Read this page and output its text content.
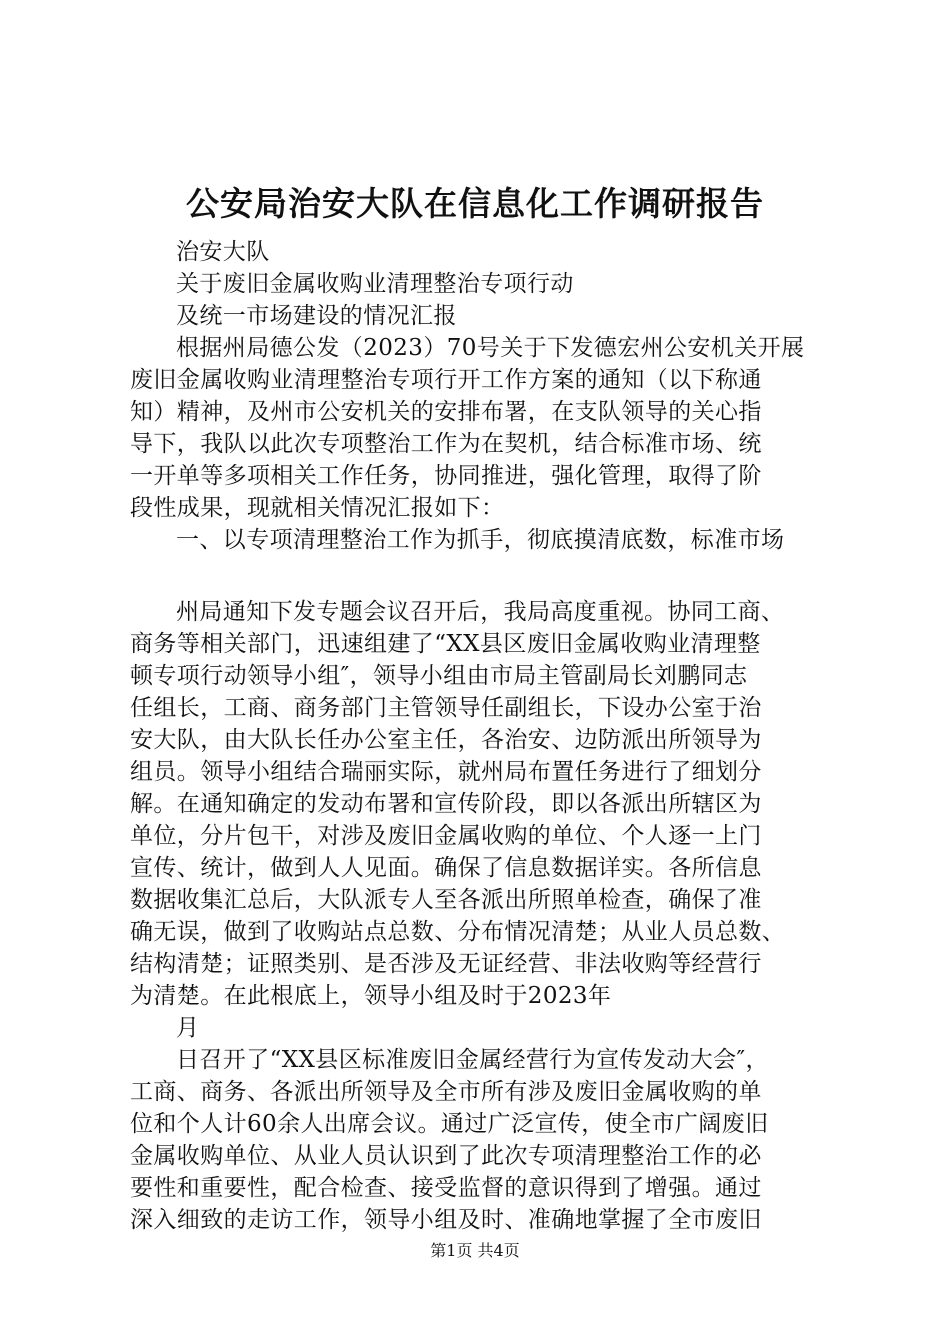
公安局治安大队在信息化工作调研报告
治安大队
关于废旧金属收购业清理整治专项行动
及统一市场建设的情况汇报
根据州局德公发（2023）70号关于下发德宏州公安机关开展
废旧金属收购业清理整治专项行开工作方案的通知（以下称通
知）精神，及州市公安机关的安排布署，在支队领导的关心指
导下，我队以此次专项整治工作为在契机，结合标准市场、统
一开单等多项相关工作任务，协同推进，强化管理，取得了阶
段性成果，现就相关情况汇报如下：
一、以专项清理整治工作为抓手，彻底摸清底数，标准市场
州局通知下发专题会议召开后，我局高度重视。协同工商、
商务等相关部门，迅速组建了“XX县区废旧金属收购业清理整
顿专项行动领导小组″，领导小组由市局主管副局长刘鹏同志
任组长，工商、商务部门主管领导任副组长，下设办公室于治
安大队，由大队长任办公室主任，各治安、边防派出所领导为
组员。领导小组结合瑞丽实际，就州局布置任务进行了细划分
解。在通知确定的发动布署和宣传阶段，即以各派出所辖区为
单位，分片包干，对涉及废旧金属收购的单位、个人逐一上门
宣传、统计，做到人人见面。确保了信息数据详实。各所信息
数据收集汇总后，大队派专人至各派出所照单检查，确保了准
确无误，做到了收购站点总数、分布情况清楚；从业人员总数、
结构清楚；证照类别、是否涉及无证经营、非法收购等经营行
为清楚。在此根底上，领导小组及时于2023年
月
日召开了“XX县区标准废旧金属经营行为宣传发动大会″，
工商、商务、各派出所领导及全市所有涉及废旧金属收购的单
位和个人计60余人出席会议。通过广泛宣传，使全市广阔废旧
金属收购单位、从业人员认识到了此次专项清理整治工作的必
要性和重要性，配合检查、接受监督的意识得到了增强。通过
深入细致的走访工作，领导小组及时、准确地掌握了全市废旧
第1页 共4页
